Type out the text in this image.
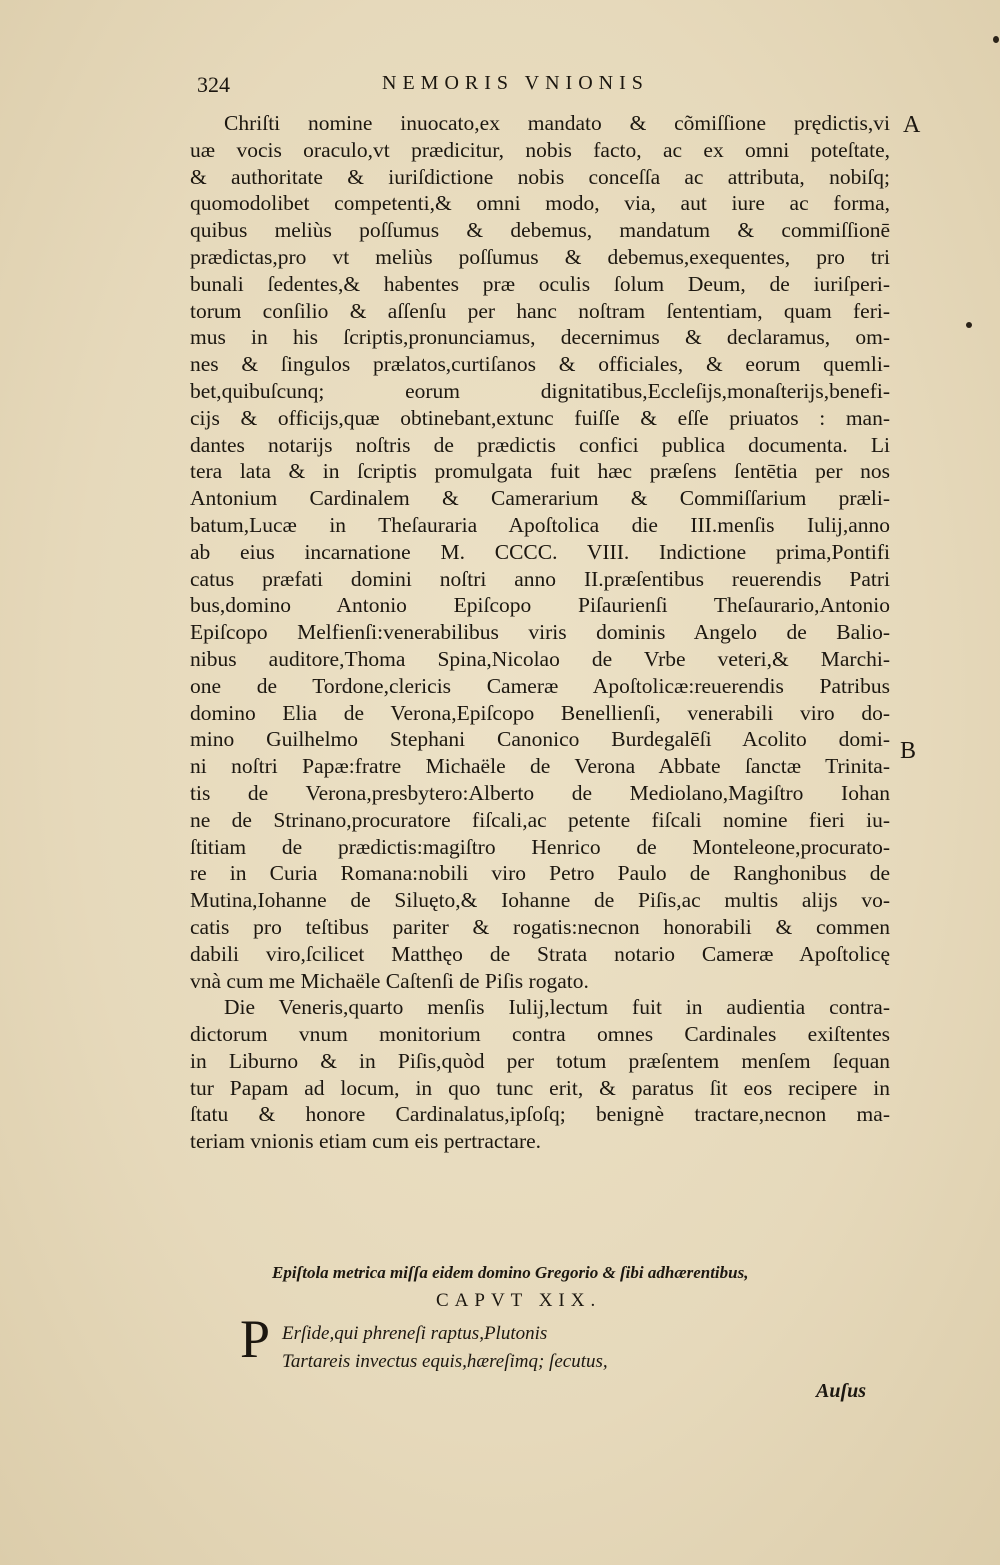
324	NEMORIS VNIONIS
A
B
Chriſti nomine inuocato,ex mandato & cõmiſſione prędictis,vi
uæ vocis oraculo,vt prædicitur, nobis facto, ac ex omni poteſtate,
& authoritate & iuriſdictione nobis conceſſa ac attributa, nobiſq;
quomodolibet competenti,& omni modo, via, aut iure ac forma,
quibus meliùs poſſumus & debemus, mandatum & commiſſionē
prædictas,pro vt meliùs poſſumus & debemus,exequentes, pro tri
bunali ſedentes,& habentes præ oculis ſolum Deum, de iuriſperi-
torum conſilio & aſſenſu per hanc noſtram ſententiam, quam feri-
mus in his ſcriptis,pronunciamus, decernimus & declaramus, om-
nes & ſingulos prælatos,curtiſanos & officiales, & eorum quemli-
bet,quibuſcunq; eorum dignitatibus,Eccleſijs,monaſterijs,benefi-
cijs & officijs,quæ obtinebant,extunc fuiſſe & eſſe priuatos : man-
dantes notarijs noſtris de prædictis confici publica documenta. Li
tera lata & in ſcriptis promulgata fuit hæc præſens ſentētia per nos
Antonium Cardinalem & Camerarium & Commiſſarium præli-
batum,Lucæ in Theſauraria Apoſtolica die III.menſis Iulij,anno
ab eius incarnatione M. CCCC. VIII. Indictione prima,Pontifi
catus præfati domini noſtri anno II.præſentibus reuerendis Patri
bus,domino Antonio Epiſcopo Piſaurienſi Theſaurario,Antonio
Epiſcopo Melfienſi:venerabilibus viris dominis Angelo de Balio-
nibus auditore,Thoma Spina,Nicolao de Vrbe veteri,& Marchi-
one de Tordone,clericis Cameræ Apoſtolicæ:reuerendis Patribus
domino Elia de Verona,Epiſcopo Benellienſi, venerabili viro do-
mino Guilhelmo Stephani Canonico Burdegalēſi Acolito domi-
ni noſtri Papæ:fratre Michaële de Verona Abbate ſanctæ Trinita-
tis de Verona,presbytero:Alberto de Mediolano,Magiſtro Iohan
ne de Strinano,procuratore fiſcali,ac petente fiſcali nomine fieri iu-
ſtitiam de prædictis:magiſtro Henrico de Monteleone,procurato-
re in Curia Romana:nobili viro Petro Paulo de Ranghonibus de
Mutina,Iohanne de Siluęto,& Iohanne de Piſis,ac multis alijs vo-
catis pro teſtibus pariter & rogatis:necnon honorabili & commen
dabili viro,ſcilicet Matthęo de Strata notario Cameræ Apoſtolicę
vnà cum me Michaële Caſtenſi de Piſis rogato.
Die Veneris,quarto menſis Iulij,lectum fuit in audientia contra-
dictorum vnum monitorium contra omnes Cardinales exiſtentes
in Liburno & in Piſis,quòd per totum præſentem menſem ſequan
tur Papam ad locum, in quo tunc erit, & paratus ſit eos recipere in
ſtatu & honore Cardinalatus,ipſoſq; benignè tractare,necnon ma-
teriam vnionis etiam cum eis pertractare.
Epiſtola metrica miſſa eidem domino Gregorio & ſibi adhærentibus,
CAPVT XIX.
P Erſide,qui phreneſi raptus,Plutonis
Tartareis invectus equis,hæreſimq; ſecutus,
Auſus
